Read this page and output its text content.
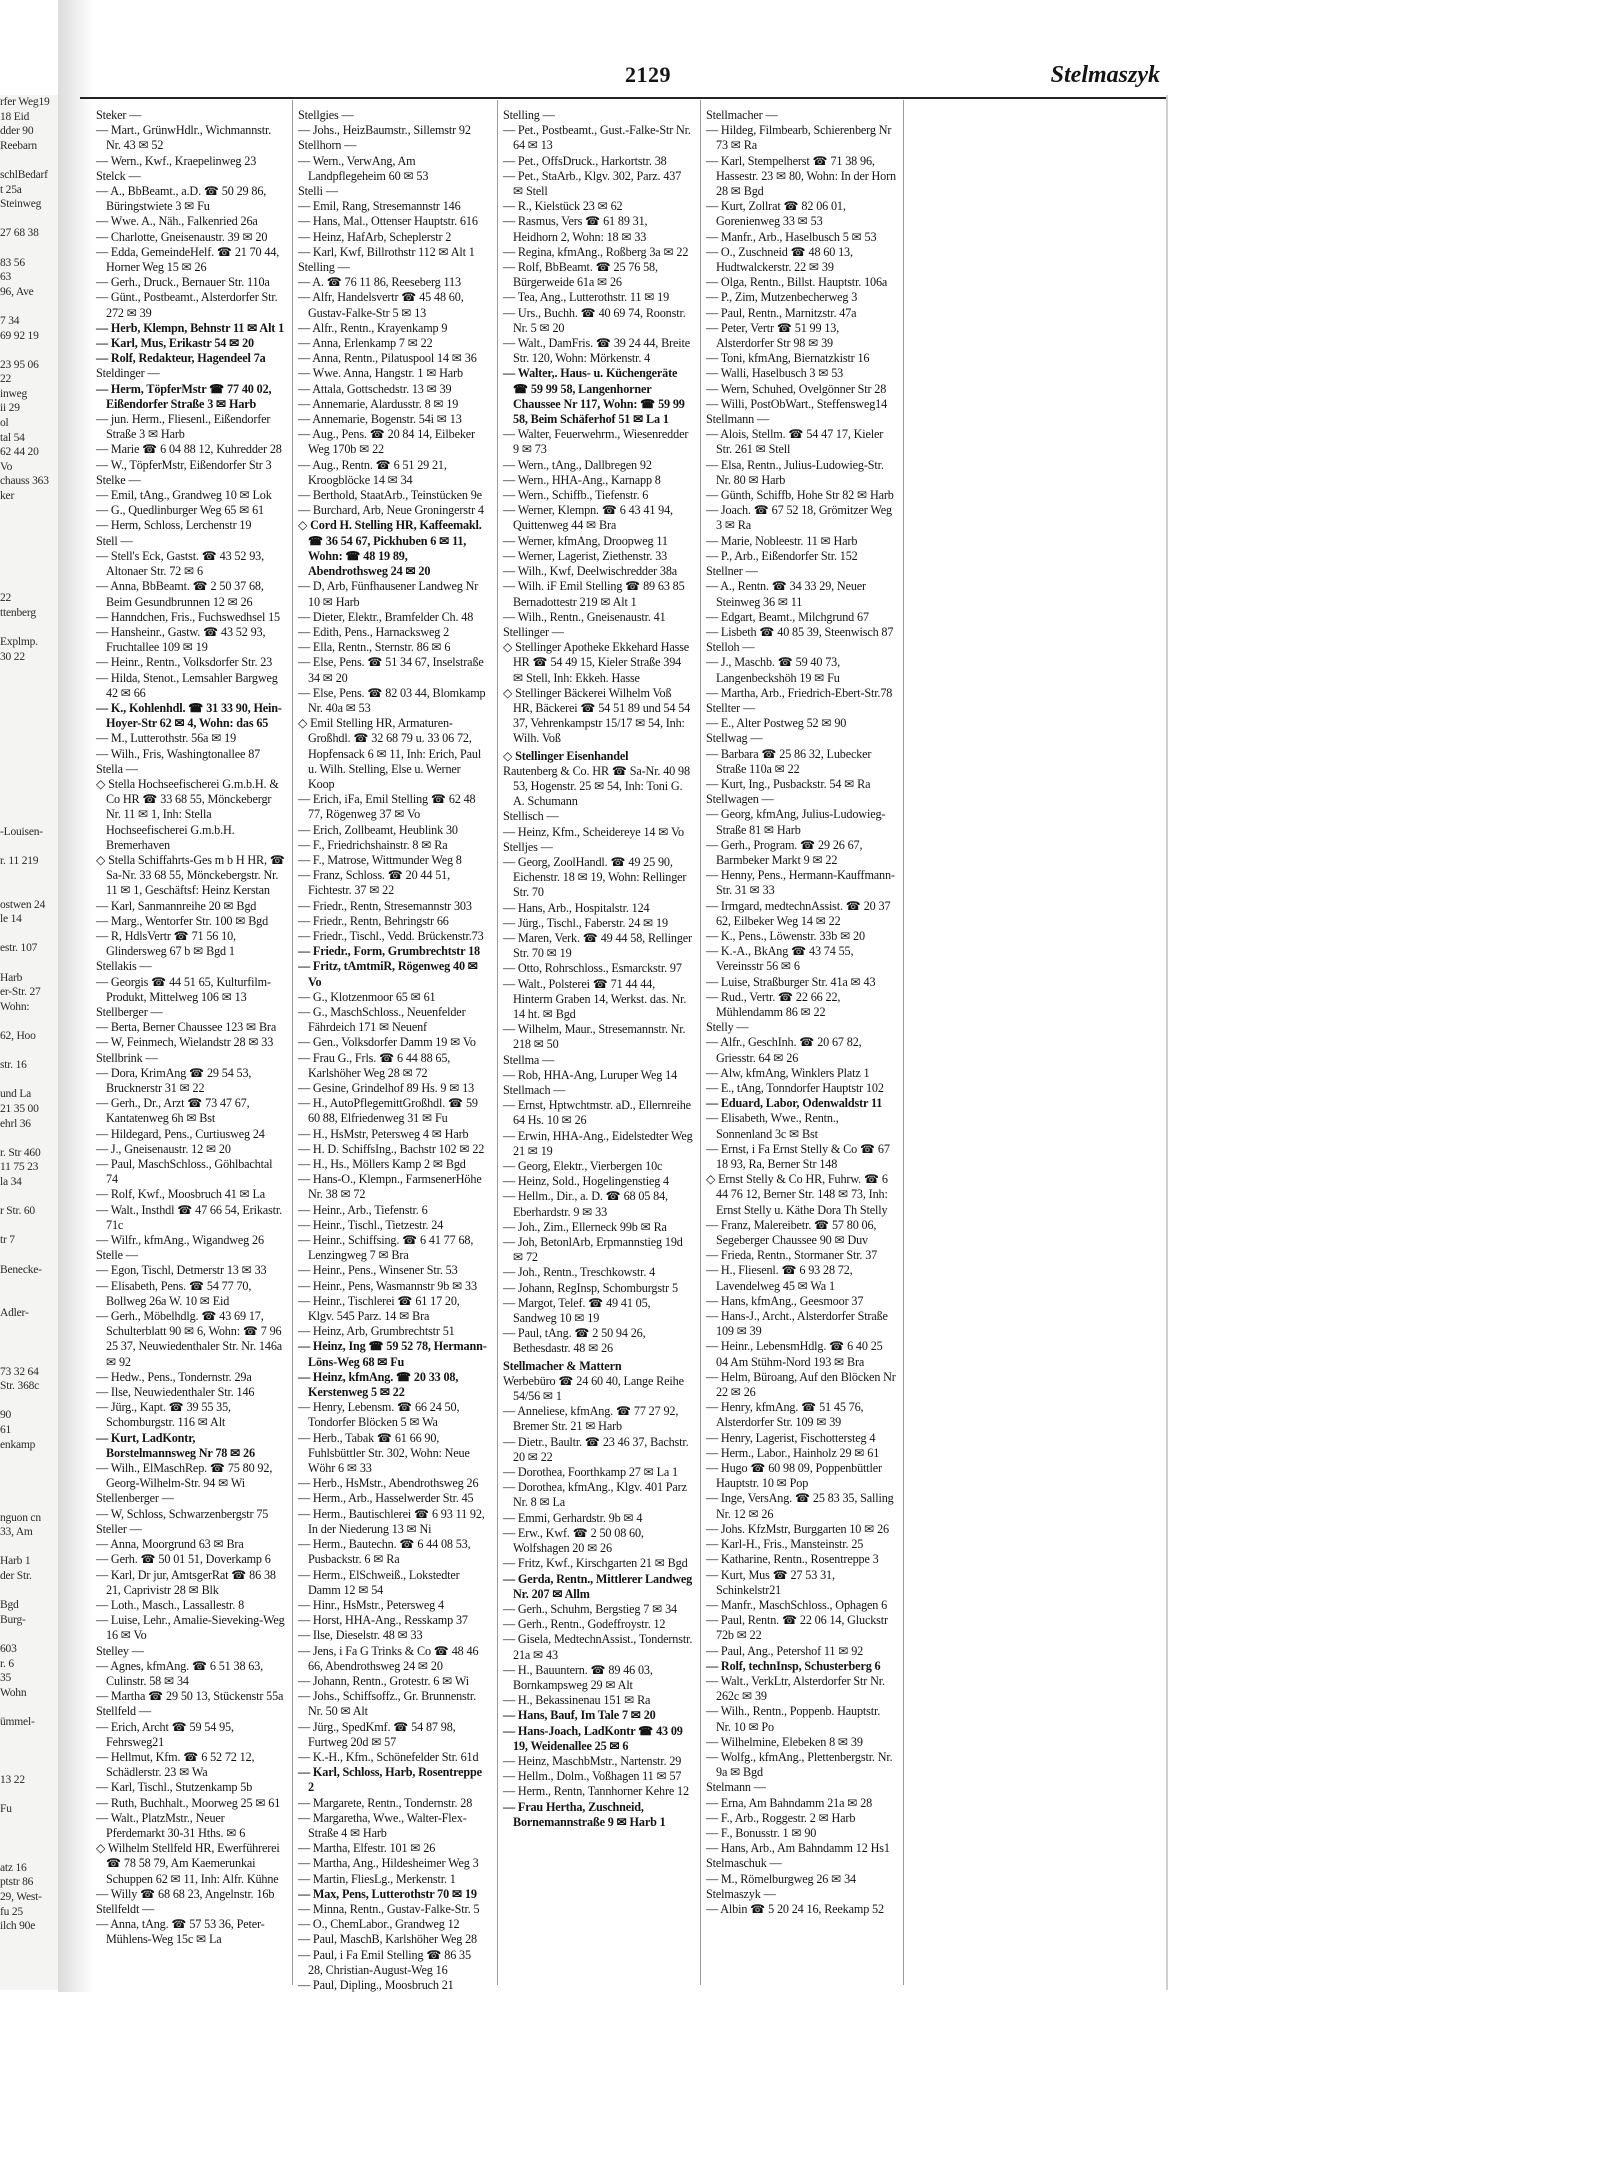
rfer Weg19
18 Eid
dder 90
Reebarn

schlBedarf
t 25a
Steinweg

27 68 38

83 56
63
96, Ave

7 34
69 92 19

23 95 06
22
inweg
ii 29
ol
tal 54
62 44 20
Vo
chauss 363
ker

22
ttenberg

Explmp.
30 22

-Louisen-

r. 11 219

ostwen 24
le 14

estr. 107

Harb
er-Str. 27
Wohn:

62, Hoo

str. 16

und La
21 35 00
ehrl 36

r. Str 460
11 75 23
la 34

r Str. 60

tr 7

Benecke-

Adler-

73 32 64
Str. 368c

90
61
enkamp

nguon cn
33, Am

Harb 1
der Str.

Bgd
Burg-

603
r. 6
35
Wohn

ümmel-

13 22

Fu

atz 16
ptstr 86
29, West-
fu 25
ilch 90e
2129	Stelmaszyk

Steker —

— Mart., GrünwHdlr., Wichmannstr. Nr. 43 ✉ 52

— Wern., Kwf., Kraepelinweg 23

Stelck —

— A., BbBeamt., a.D. ☎ 50 29 86, Büringstwiete 3 ✉ Fu

— Wwe. A., Näh., Falkenried 26a

— Charlotte, Gneisenaustr. 39 ✉ 20

— Edda, GemeindeHelf. ☎ 21 70 44, Horner Weg 15 ✉ 26

— Gerh., Druck., Bernauer Str. 110a

— Günt., Postbeamt., Alsterdorfer Str. 272 ✉ 39

— Herb, Klempn, Behnstr 11 ✉ Alt 1

— Karl, Mus, Erikastr 54 ✉ 20

— Rolf, Redakteur, Hagendeel 7a

Steldinger —

— Herm, TöpferMstr ☎ 77 40 02, Eißendorfer Straße 3 ✉ Harb

— jun. Herm., Fliesenl., Eißendorfer Straße 3 ✉ Harb

— Marie ☎ 6 04 88 12, Kuhredder 28

— W., TöpferMstr, Eißendorfer Str 3

Stelke —

— Emil, tAng., Grandweg 10 ✉ Lok

— G., Quedlinburger Weg 65 ✉ 61

— Herm, Schloss, Lerchenstr 19

Stell —

— Stell's Eck, Gastst. ☎ 43 52 93, Altonaer Str. 72 ✉ 6

— Anna, BbBeamt. ☎ 2 50 37 68, Beim Gesundbrunnen 12 ✉ 26

— Hanndchen, Fris., Fuchswedhsel 15

— Hansheinr., Gastw. ☎ 43 52 93, Fruchtallee 109 ✉ 19

— Heinr., Rentn., Volksdorfer Str. 23

— Hilda, Stenot., Lemsahler Bargweg 42 ✉ 66

— K., Kohlenhdl. ☎ 31 33 90, Hein-Hoyer-Str 62 ✉ 4, Wohn: das 65

— M., Lutterothstr. 56a ✉ 19

— Wilh., Fris, Washingtonallee 87

Stella —

◇ Stella Hochseefischerei G.m.b.H. & Co HR ☎ 33 68 55, Mönckebergr Nr. 11 ✉ 1, Inh: Stella Hochseefischerei G.m.b.H. Bremerhaven

◇ Stella Schiffahrts-Ges m b H HR, ☎ Sa-Nr. 33 68 55, Mönckebergstr. Nr. 11 ✉ 1, Geschäftsf: Heinz Kerstan

— Karl, Sanmannreihe 20 ✉ Bgd

— Marg., Wentorfer Str. 100 ✉ Bgd

— R, HdlsVertr ☎ 71 56 10, Glindersweg 67 b ✉ Bgd 1

Stellakis —

— Georgis ☎ 44 51 65, Kulturfilm-Produkt, Mittelweg 106 ✉ 13

Stellberger —

— Berta, Berner Chaussee 123 ✉ Bra

— W, Feinmech, Wielandstr 28 ✉ 33

Stellbrink —

— Dora, KrimAng ☎ 29 54 53, Brucknerstr 31 ✉ 22

— Gerh., Dr., Arzt ☎ 73 47 67, Kantatenweg 6h ✉ Bst

— Hildegard, Pens., Curtiusweg 24

— J., Gneisenaustr. 12 ✉ 20

— Paul, MaschSchloss., Göhlbachtal 74

— Rolf, Kwf., Moosbruch 41 ✉ La

— Walt., Insthdl ☎ 47 66 54, Erikastr. 71c

— Wilfr., kfmAng., Wigandweg 26

Stelle —

— Egon, Tischl, Detmerstr 13 ✉ 33

— Elisabeth, Pens. ☎ 54 77 70, Bollweg 26a W. 10 ✉ Eid

— Gerh., Möbelhdlg. ☎ 43 69 17, Schulterblatt 90 ✉ 6, Wohn: ☎ 7 96 25 37, Neuwiedenthaler Str. Nr. 146a ✉ 92

— Hedw., Pens., Tondernstr. 29a

— Ilse, Neuwiedenthaler Str. 146

— Jürg., Kapt. ☎ 39 55 35, Schomburgstr. 116 ✉ Alt

— Kurt, LadKontr, Borstelmannsweg Nr 78 ✉ 26

— Wilh., ElMaschRep. ☎ 75 80 92, Georg-Wilhelm-Str. 94 ✉ Wi

Stellenberger —

— W, Schloss, Schwarzenbergstr 75

Steller —

— Anna, Moorgrund 63 ✉ Bra

— Gerh. ☎ 50 01 51, Doverkamp 6

— Karl, Dr jur, AmtsgerRat ☎ 86 38 21, Caprivistr 28 ✉ Blk

— Loth., Masch., Lassallestr. 8

— Luise, Lehr., Amalie-Sieveking-Weg 16 ✉ Vo

Stelley —

— Agnes, kfmAng. ☎ 6 51 38 63, Culinstr. 58 ✉ 34

— Martha ☎ 29 50 13, Stückenstr 55a

Stellfeld —

— Erich, Archt ☎ 59 54 95, Fehrsweg21

— Hellmut, Kfm. ☎ 6 52 72 12, Schädlerstr. 23 ✉ Wa

— Karl, Tischl., Stutzenkamp 5b

— Ruth, Buchhalt., Moorweg 25 ✉ 61

— Walt., PlatzMstr., Neuer Pferdemarkt 30-31 Hths. ✉ 6

◇ Wilhelm Stellfeld HR, Ewerführerei ☎ 78 58 79, Am Kaemerunkai Schuppen 62 ✉ 11, Inh: Alfr. Kühne

— Willy ☎ 68 68 23, Angelnstr. 16b

Stellfeldt —

— Anna, tAng. ☎ 57 53 36, Peter-Mühlens-Weg 15c ✉ La

Stellgies —

— Johs., HeizBaumstr., Sillemstr 92

Stellhorn —

— Wern., VerwAng, Am Landpflegeheim 60 ✉ 53

Stelli —

— Emil, Rang, Stresemannstr 146

— Hans, Mal., Ottenser Hauptstr. 616

— Heinz, HafArb, Scheplerstr 2

— Karl, Kwf, Billrothstr 112 ✉ Alt 1

Stelling —

— A. ☎ 76 11 86, Reeseberg 113

— Alfr, Handelsvertr ☎ 45 48 60, Gustav-Falke-Str 5 ✉ 13

— Alfr., Rentn., Krayenkamp 9

— Anna, Erlenkamp 7 ✉ 22

— Anna, Rentn., Pilatuspool 14 ✉ 36

— Wwe. Anna, Hangstr. 1 ✉ Harb

— Attala, Gottschedstr. 13 ✉ 39

— Annemarie, Alardusstr. 8 ✉ 19

— Annemarie, Bogenstr. 54i ✉ 13

— Aug., Pens. ☎ 20 84 14, Eilbeker Weg 170b ✉ 22

— Aug., Rentn. ☎ 6 51 29 21, Kroogblöcke 14 ✉ 34

— Berthold, StaatArb., Teinstücken 9e

— Burchard, Arb, Neue Groningerstr 4

◇ Cord H. Stelling HR, Kaffeemakl. ☎ 36 54 67, Pickhuben 6 ✉ 11, Wohn: ☎ 48 19 89, Abendrothsweg 24 ✉ 20

— D, Arb, Fünfhausener Landweg Nr 10 ✉ Harb

— Dieter, Elektr., Bramfelder Ch. 48

— Edith, Pens., Harnacksweg 2

— Ella, Rentn., Sternstr. 86 ✉ 6

— Else, Pens. ☎ 51 34 67, Inselstraße 34 ✉ 20

— Else, Pens. ☎ 82 03 44, Blomkamp Nr. 40a ✉ 53

◇ Emil Stelling HR, Armaturen-Großhdl. ☎ 32 68 79 u. 33 06 72, Hopfensack 6 ✉ 11, Inh: Erich, Paul u. Wilh. Stelling, Else u. Werner Koop

— Erich, iFa, Emil Stelling ☎ 62 48 77, Rögenweg 37 ✉ Vo

— Erich, Zollbeamt, Heublink 30

— F., Friedrichshainstr. 8 ✉ Ra

— F., Matrose, Wittmunder Weg 8

— Franz, Schloss. ☎ 20 44 51, Fichtestr. 37 ✉ 22

— Friedr., Rentn, Stresemannstr 303

— Friedr., Rentn, Behringstr 66

— Friedr., Tischl., Vedd. Brückenstr.73

— Friedr., Form, Grumbrechtstr 18

— Fritz, tAmtmiR, Rögenweg 40 ✉ Vo

— G., Klotzenmoor 65 ✉ 61

— G., MaschSchloss., Neuenfelder Fährdeich 171 ✉ Neuenf

— Gen., Volksdorfer Damm 19 ✉ Vo

— Frau G., Frls. ☎ 6 44 88 65, Karlshöher Weg 28 ✉ 72

— Gesine, Grindelhof 89 Hs. 9 ✉ 13

— H., AutoPflegemittGroßhdl. ☎ 59 60 88, Elfriedenweg 31 ✉ Fu

— H., HsMstr, Petersweg 4 ✉ Harb

— H. D. SchiffsIng., Bachstr 102 ✉ 22

— H., Hs., Möllers Kamp 2 ✉ Bgd

— Hans-O., Klempn., FarmsenerHöhe Nr. 38 ✉ 72

— Heinr., Arb., Tiefenstr. 6

— Heinr., Tischl., Tietzestr. 24

— Heinr., Schiffsing. ☎ 6 41 77 68, Lenzingweg 7 ✉ Bra

— Heinr., Pens., Winsener Str. 53

— Heinr., Pens, Wasmannstr 9b ✉ 33

— Heinr., Tischlerei ☎ 61 17 20, Klgv. 545 Parz. 14 ✉ Bra

— Heinz, Arb, Grumbrechtstr 51

— Heinz, Ing ☎ 59 52 78, Hermann-Löns-Weg 68 ✉ Fu

— Heinz, kfmAng. ☎ 20 33 08, Kerstenweg 5 ✉ 22

— Henry, Lebensm. ☎ 66 24 50, Tondorfer Blöcken 5 ✉ Wa

— Herb., Tabak ☎ 61 66 90, Fuhlsbüttler Str. 302, Wohn: Neue Wöhr 6 ✉ 33

— Herb., HsMstr., Abendrothsweg 26

— Herm., Arb., Hasselwerder Str. 45

— Herm., Bautischlerei ☎ 6 93 11 92, In der Niederung 13 ✉ Ni

— Herm., Bautechn. ☎ 6 44 08 53, Pusbackstr. 6 ✉ Ra

— Herm., ElSchweiß., Lokstedter Damm 12 ✉ 54

— Hinr., HsMstr., Petersweg 4

— Horst, HHA-Ang., Resskamp 37

— Ilse, Dieselstr. 48 ✉ 33

— Jens, i Fa G Trinks & Co ☎ 48 46 66, Abendrothsweg 24 ✉ 20

— Johann, Rentn., Grotestr. 6 ✉ Wi

— Johs., Schiffsoffz., Gr. Brunnenstr. Nr. 50 ✉ Alt

— Jürg., SpedKmf. ☎ 54 87 98, Furtweg 20d ✉ 57

— K.-H., Kfm., Schönefelder Str. 61d

— Karl, Schloss, Harb, Rosentreppe 2

— Margarete, Rentn., Tondernstr. 28

— Margaretha, Wwe., Walter-Flex-Straße 4 ✉ Harb

— Martha, Elfestr. 101 ✉ 26

— Martha, Ang., Hildesheimer Weg 3

— Martin, FliesLg., Merkenstr. 1

— Max, Pens, Lutterothstr 70 ✉ 19

— Minna, Rentn., Gustav-Falke-Str. 5

— O., ChemLabor., Grandweg 12

— Paul, MaschB, Karlshöher Weg 28

— Paul, i Fa Emil Stelling ☎ 86 35 28, Christian-August-Weg 16

— Paul, Dipling., Moosbruch 21

Stelling —

— Pet., Postbeamt., Gust.-Falke-Str Nr. 64 ✉ 13

— Pet., OffsDruck., Harkortstr. 38

— Pet., StaArb., Klgv. 302, Parz. 437 ✉ Stell

— R., Kielstück 23 ✉ 62

— Rasmus, Vers ☎ 61 89 31, Heidhorn 2, Wohn: 18 ✉ 33

— Regina, kfmAng., Roßberg 3a ✉ 22

— Rolf, BbBeamt. ☎ 25 76 58, Bürgerweide 61a ✉ 26

— Tea, Ang., Lutterothstr. 11 ✉ 19

— Urs., Buchh. ☎ 40 69 74, Roonstr. Nr. 5 ✉ 20

— Walt., DamFris. ☎ 39 24 44, Breite Str. 120, Wohn: Mörkenstr. 4

— Walter,. Haus- u. Küchengeräte ☎ 59 99 58, Langenhorner Chaussee Nr 117, Wohn: ☎ 59 99 58, Beim Schäferhof 51 ✉ La 1

— Walter, Feuerwehrm., Wiesenredder 9 ✉ 73

— Wern., tAng., Dallbregen 92

— Wern., HHA-Ang., Karnapp 8

— Wern., Schiffb., Tiefenstr. 6

— Werner, Klempn. ☎ 6 43 41 94, Quittenweg 44 ✉ Bra

— Werner, kfmAng, Droopweg 11

— Werner, Lagerist, Ziethenstr. 33

— Wilh., Kwf, Deelwischredder 38a

— Wilh. iF Emil Stelling ☎ 89 63 85 Bernadottestr 219 ✉ Alt 1

— Wilh., Rentn., Gneisenaustr. 41

Stellinger —

◇ Stellinger Apotheke Ekkehard Hasse HR ☎ 54 49 15, Kieler Straße 394 ✉ Stell, Inh: Ekkeh. Hasse

◇ Stellinger Bäckerei Wilhelm Voß HR, Bäckerei ☎ 54 51 89 und 54 54 37, Vehrenkampstr 15/17 ✉ 54, Inh: Wilh. Voß

◇ Stellinger Eisenhandel

Rautenberg & Co. HR ☎ Sa-Nr. 40 98 53, Hogenstr. 25 ✉ 54, Inh: Toni G. A. Schumann

Stellisch —

— Heinz, Kfm., Scheidereye 14 ✉ Vo

Stelljes —

— Georg, ZoolHandl. ☎ 49 25 90, Eichenstr. 18 ✉ 19, Wohn: Rellinger Str. 70

— Hans, Arb., Hospitalstr. 124

— Jürg., Tischl., Faberstr. 24 ✉ 19

— Maren, Verk. ☎ 49 44 58, Rellinger Str. 70 ✉ 19

— Otto, Rohrschloss., Esmarckstr. 97

— Walt., Polsterei ☎ 71 44 44, Hinterm Graben 14, Werkst. das. Nr. 14 ht. ✉ Bgd

— Wilhelm, Maur., Stresemannstr. Nr. 218 ✉ 50

Stellma —

— Rob, HHA-Ang, Luruper Weg 14

Stellmach —

— Ernst, Hptwchtmstr. aD., Ellernreihe 64 Hs. 10 ✉ 26

— Erwin, HHA-Ang., Eidelstedter Weg 21 ✉ 19

— Georg, Elektr., Vierbergen 10c

— Heinz, Sold., Hogelingenstieg 4

— Hellm., Dir., a. D. ☎ 68 05 84, Eberhardstr. 9 ✉ 33

— Joh., Zim., Ellerneck 99b ✉ Ra

— Joh, BetonlArb, Erpmannstieg 19d ✉ 72

— Joh., Rentn., Treschkowstr. 4

— Johann, RegInsp, Schomburgstr 5

— Margot, Telef. ☎ 49 41 05, Sandweg 10 ✉ 19

— Paul, tAng. ☎ 2 50 94 26, Bethesdastr. 48 ✉ 26

Stellmacher & Mattern

Werbebüro ☎ 24 60 40, Lange Reihe 54/56 ✉ 1

— Anneliese, kfmAng. ☎ 77 27 92, Bremer Str. 21 ✉ Harb

— Dietr., Baultr. ☎ 23 46 37, Bachstr. 20 ✉ 22

— Dorothea, Foorthkamp 27 ✉ La 1

— Dorothea, kfmAng., Klgv. 401 Parz Nr. 8 ✉ La

— Emmi, Gerhardstr. 9b ✉ 4

— Erw., Kwf. ☎ 2 50 08 60, Wolfshagen 20 ✉ 26

— Fritz, Kwf., Kirschgarten 21 ✉ Bgd

— Gerda, Rentn., Mittlerer Landweg Nr. 207 ✉ Allm

— Gerh., Schuhm, Bergstieg 7 ✉ 34

— Gerh., Rentn., Godeffroystr. 12

— Gisela, MedtechnAssist., Tondernstr. 21a ✉ 43

— H., Bauuntern. ☎ 89 46 03, Bornkampsweg 29 ✉ Alt

— H., Bekassinenau 151 ✉ Ra

— Hans, Bauf, Im Tale 7 ✉ 20

— Hans-Joach, LadKontr ☎ 43 09 19, Weidenallee 25 ✉ 6

— Heinz, MaschbMstr., Nartenstr. 29

— Hellm., Dolm., Voßhagen 11 ✉ 57

— Herm., Rentn, Tannhorner Kehre 12

— Frau Hertha, Zuschneid, Bornemannstraße 9 ✉ Harb 1

Stellmacher —

— Hildeg, Filmbearb, Schierenberg Nr 73 ✉ Ra

— Karl, Stempelherst ☎ 71 38 96, Hassestr. 23 ✉ 80, Wohn: In der Horn 28 ✉ Bgd

— Kurt, Zollrat ☎ 82 06 01, Gorenienweg 33 ✉ 53

— Manfr., Arb., Haselbusch 5 ✉ 53

— O., Zuschneid ☎ 48 60 13, Hudtwalckerstr. 22 ✉ 39

— Olga, Rentn., Billst. Hauptstr. 106a

— P., Zim, Mutzenbecherweg 3

— Paul, Rentn., Marnitzstr. 47a

— Peter, Vertr ☎ 51 99 13, Alsterdorfer Str 98 ✉ 39

— Toni, kfmAng, Biernatzkistr 16

— Walli, Haselbusch 3 ✉ 53

— Wern, Schuhed, Ovelgönner Str 28

— Willi, PostObWart., Steffensweg14

Stellmann —

— Alois, Stellm. ☎ 54 47 17, Kieler Str. 261 ✉ Stell

— Elsa, Rentn., Julius-Ludowieg-Str. Nr. 80 ✉ Harb

— Günth, Schiffb, Hohe Str 82 ✉ Harb

— Joach. ☎ 67 52 18, Grömitzer Weg 3 ✉ Ra

— Marie, Nobleestr. 11 ✉ Harb

— P., Arb., Eißendorfer Str. 152

Stellner —

— A., Rentn. ☎ 34 33 29, Neuer Steinweg 36 ✉ 11

— Edgart, Beamt., Milchgrund 67

— Lisbeth ☎ 40 85 39, Steenwisch 87

Stelloh —

— J., Maschb. ☎ 59 40 73, Langenbeckshöh 19 ✉ Fu

— Martha, Arb., Friedrich-Ebert-Str.78

Stellter —

— E., Alter Postweg 52 ✉ 90

Stellwag —

— Barbara ☎ 25 86 32, Lubecker Straße 110a ✉ 22

— Kurt, Ing., Pusbackstr. 54 ✉ Ra

Stellwagen —

— Georg, kfmAng, Julius-Ludowieg-Straße 81 ✉ Harb

— Gerh., Program. ☎ 29 26 67, Barmbeker Markt 9 ✉ 22

— Henny, Pens., Hermann-Kauffmann-Str. 31 ✉ 33

— Irmgard, medtechnAssist. ☎ 20 37 62, Eilbeker Weg 14 ✉ 22

— K., Pens., Löwenstr. 33b ✉ 20

— K.-A., BkAng ☎ 43 74 55, Vereinsstr 56 ✉ 6

— Luise, Straßburger Str. 41a ✉ 43

— Rud., Vertr. ☎ 22 66 22, Mühlendamm 86 ✉ 22

Stelly —

— Alfr., GeschInh. ☎ 20 67 82, Griesstr. 64 ✉ 26

— Alw, kfmAng, Winklers Platz 1

— E., tAng, Tonndorfer Hauptstr 102

— Eduard, Labor, Odenwaldstr 11

— Elisabeth, Wwe., Rentn., Sonnenland 3c ✉ Bst

— Ernst, i Fa Ernst Stelly & Co ☎ 67 18 93, Ra, Berner Str 148

◇ Ernst Stelly & Co HR, Fuhrw. ☎ 6 44 76 12, Berner Str. 148 ✉ 73, Inh: Ernst Stelly u. Käthe Dora Th Stelly

— Franz, Malereibetr. ☎ 57 80 06, Segeberger Chaussee 90 ✉ Duv

— Frieda, Rentn., Stormaner Str. 37

— H., Fliesenl. ☎ 6 93 28 72, Lavendelweg 45 ✉ Wa 1

— Hans, kfmAng., Geesmoor 37

— Hans-J., Archt., Alsterdorfer Straße 109 ✉ 39

— Heinr., LebensmHdlg. ☎ 6 40 25 04 Am Stühm-Nord 193 ✉ Bra

— Helm, Büroang, Auf den Blöcken Nr 22 ✉ 26

— Henry, kfmAng. ☎ 51 45 76, Alsterdorfer Str. 109 ✉ 39

— Henry, Lagerist, Fischottersteg 4

— Herm., Labor., Hainholz 29 ✉ 61

— Hugo ☎ 60 98 09, Poppenbüttler Hauptstr. 10 ✉ Pop

— Inge, VersAng. ☎ 25 83 35, Salling Nr. 12 ✉ 26

— Johs. KfzMstr, Burggarten 10 ✉ 26

— Karl-H., Fris., Mansteinstr. 25

— Katharine, Rentn., Rosentreppe 3

— Kurt, Mus ☎ 27 53 31, Schinkelstr21

— Manfr., MaschSchloss., Ophagen 6

— Paul, Rentn. ☎ 22 06 14, Gluckstr 72b ✉ 22

— Paul, Ang., Petershof 11 ✉ 92

— Rolf, technInsp, Schusterberg 6

— Walt., VerkLtr, Alsterdorfer Str Nr. 262c ✉ 39

— Wilh., Rentn., Poppenb. Hauptstr. Nr. 10 ✉ Po

— Wilhelmine, Elebeken 8 ✉ 39

— Wolfg., kfmAng., Plettenbergstr. Nr. 9a ✉ Bgd

Stelmann —

— Erna, Am Bahndamm 21a ✉ 28

— F., Arb., Roggestr. 2 ✉ Harb

— F., Bonusstr. 1 ✉ 90

— Hans, Arb., Am Bahndamm 12 Hs1

Stelmaschuk —

— M., Römelburgweg 26 ✉ 34

Stelmaszyk —

— Albin ☎ 5 20 24 16, Reekamp 52
